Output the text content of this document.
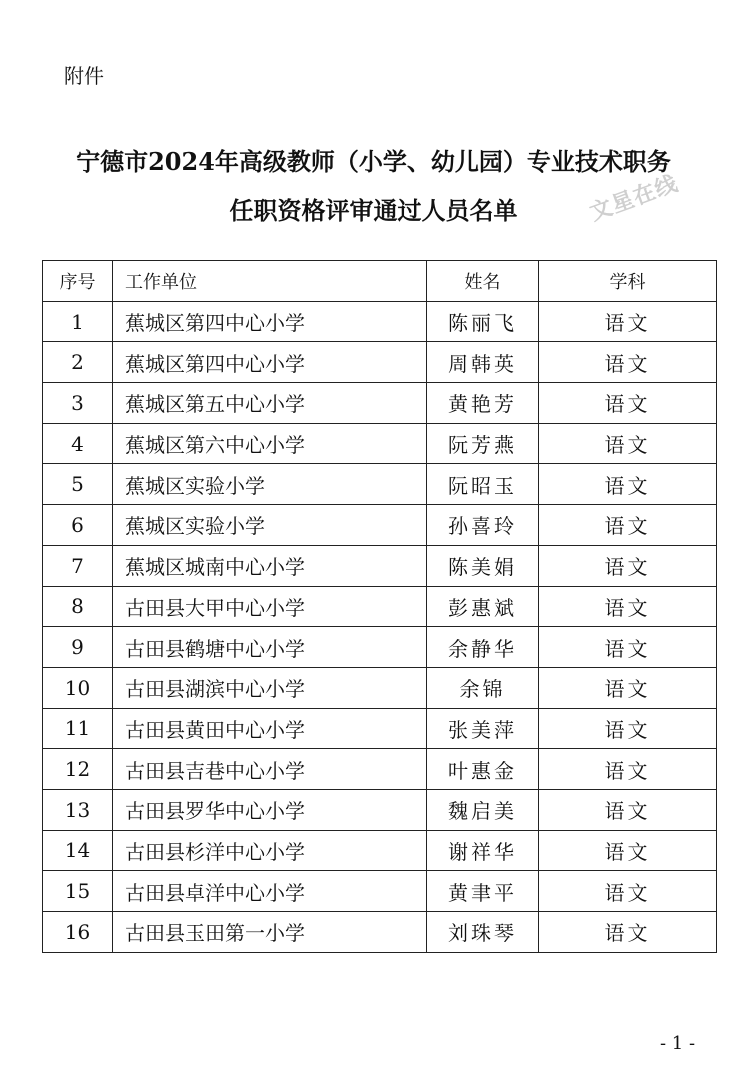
附件
宁德市2024年高级教师（小学、幼儿园）专业技术职务
任职资格评审通过人员名单	文星在线
序号	工作单位	姓名	学科
1	蕉城区第四中心小学	陈丽飞	语文
2	蕉城区第四中心小学	周韩英	语文
3	蕉城区第五中心小学	黄艳芳	语文
4	蕉城区第六中心小学	阮芳燕	语文
5	蕉城区实验小学	阮昭玉	语文
6	蕉城区实验小学	孙喜玲	语文
7	蕉城区城南中心小学	陈美娟	语文
8	古田县大甲中心小学	彭惠斌	语文
9	古田县鹤塘中心小学	余静华	语文
10	古田县湖滨中心小学	余锦	语文
11	古田县黄田中心小学	张美萍	语文
12	古田县吉巷中心小学	叶惠金	语文
13	古田县罗华中心小学	魏启美	语文
14	古田县杉洋中心小学	谢祥华	语文
15	古田县卓洋中心小学	黄聿平	语文
16	古田县玉田第一小学	刘珠琴	语文
- 1 -
